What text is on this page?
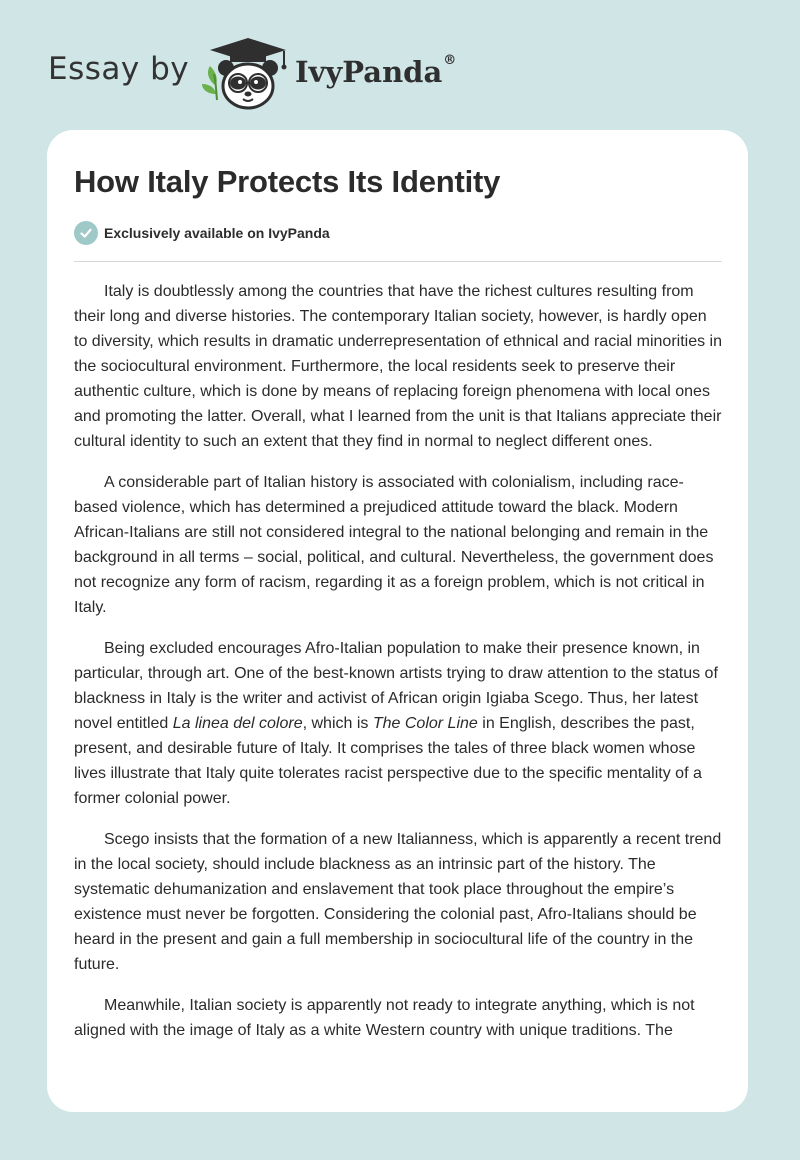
Essay by	IvyPanda®
How Italy Protects Its Identity
Exclusively available on IvyPanda

Italy is doubtlessly among the countries that have the richest cultures resulting from their long and diverse histories. The contemporary Italian society, however, is hardly open to diversity, which results in dramatic underrepresentation of ethnical and racial minorities in the sociocultural environment. Furthermore, the local residents seek to preserve their authentic culture, which is done by means of replacing foreign phenomena with local ones and promoting the latter. Overall, what I learned from the unit is that Italians appreciate their cultural identity to such an extent that they find in normal to neglect different ones.

A considerable part of Italian history is associated with colonialism, including race-based violence, which has determined a prejudiced attitude toward the black. Modern African-Italians are still not considered integral to the national belonging and remain in the background in all terms – social, political, and cultural. Nevertheless, the government does not recognize any form of racism, regarding it as a foreign problem, which is not critical in Italy.

Being excluded encourages Afro-Italian population to make their presence known, in particular, through art. One of the best-known artists trying to draw attention to the status of blackness in Italy is the writer and activist of African origin Igiaba Scego. Thus, her latest novel entitled La linea del colore, which is The Color Line in English, describes the past, present, and desirable future of Italy. It comprises the tales of three black women whose lives illustrate that Italy quite tolerates racist perspective due to the specific mentality of a former colonial power.

Scego insists that the formation of a new Italianness, which is apparently a recent trend in the local society, should include blackness as an intrinsic part of the history. The systematic dehumanization and enslavement that took place throughout the empire’s existence must never be forgotten. Considering the colonial past, Afro-Italians should be heard in the present and gain a full membership in sociocultural life of the country in the future.

Meanwhile, Italian society is apparently not ready to integrate anything, which is not aligned with the image of Italy as a white Western country with unique traditions. The
